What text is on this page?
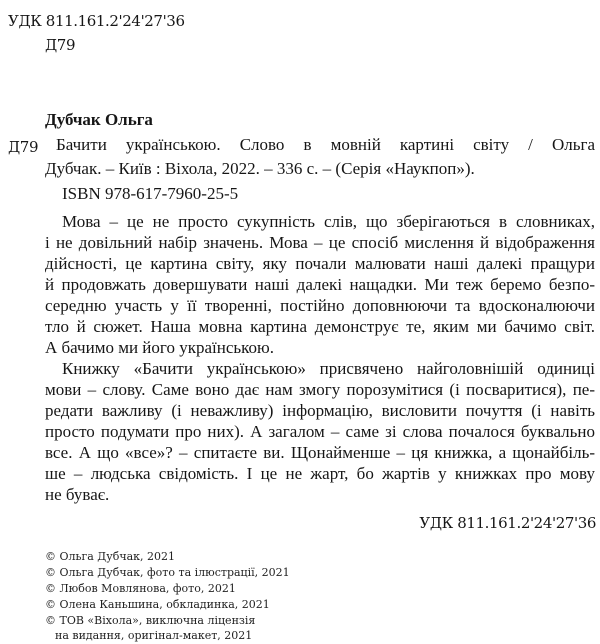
УДК 811.161.2'24'27'36
Д79
Дубчак Ольга
Д79 Бачити українською. Слово в мовній картині світу / Ольга
Дубчак. – Київ : Віхола, 2022. – 336 с. – (Серія «Наукпоп»).
ISBN 978-617-7960-25-5
Мова – це не просто сукупність слів, що зберігаються в словниках,
і не довільний набір значень. Мова – це спосіб мислення й відображення
дійсності, це картина світу, яку почали малювати наші далекі пращури
й продовжать довершувати наші далекі нащадки. Ми теж беремо безпо-
середню участь у її творенні, постійно доповнюючи та вдосконалюючи
тло й сюжет. Наша мовна картина демонструє те, яким ми бачимо світ.
А бачимо ми його українською.
Книжку «Бачити українською» присвячено найголовнішій одиниці
мови – слову. Саме воно дає нам змогу порозумітися (і посваритися), пе-
редати важливу (і неважливу) інформацію, висловити почуття (і навіть
просто подумати про них). А загалом – саме зі слова почалося буквально
все. А що «все»? – спитаєте ви. Щонайменше – ця книжка, а щонайбіль-
ше – людська свідомість. І це не жарт, бо жартів у книжках про мову
не буває.
УДК 811.161.2'24'27'36
© Ольга Дубчак, 2021
© Ольга Дубчак, фото та ілюстрації, 2021
© Любов Мовлянова, фото, 2021
© Олена Каньшина, обкладинка, 2021
© ТОВ «Віхола», виключна ліцензія
на видання, оригінал-макет, 2021
